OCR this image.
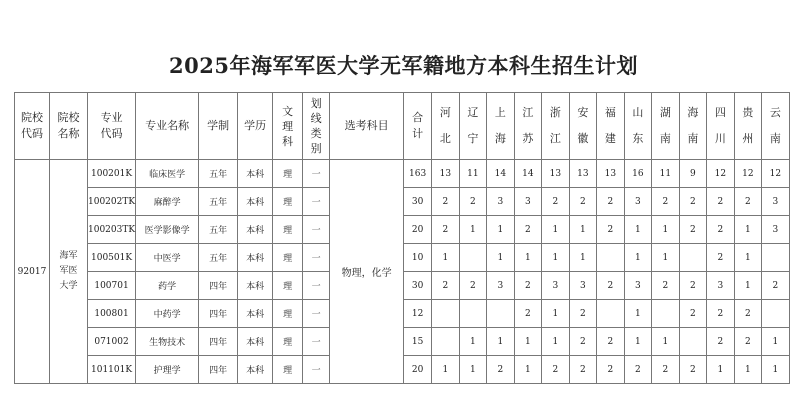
2025年海军军医大学无军籍地方本科生招生计划
院校
代码

院校
名称

专业
代码
	专业名称	学制	学历	
文
理
科

划
线
类
别
	选考科目	
合
计

河
北

辽
宁

上
海

江
苏

浙
江

安
徽

福
建

山
东

湖
南

海
南

四
川

贵
州

云
南

92017	
海军
军医
大学
	100201K	临床医学	五年	本科	理	一	物理，化学	163	13	11	14	14	13	13	13	16	11	9	12	12	12
100202TK	麻醉学	五年	本科	理	一	30	2	2	3	3	2	2	2	3	2	2	2	2	3
100203TK	医学影像学	五年	本科	理	一	20	2	1	1	2	1	1	2	1	1	2	2	1	3
100501K	中医学	五年	本科	理	一	10	1		1	1	1	1		1	1		2	1	
100701	药学	四年	本科	理	一	30	2	2	3	2	3	3	2	3	2	2	3	1	2
100801	中药学	四年	本科	理	一	12				2	1	2		1		2	2	2	
071002	生物技术	四年	本科	理	一	15		1	1	1	1	2	2	1	1		2	2	1
101101K	护理学	四年	本科	理	一	20	1	1	2	1	2	2	2	2	2	2	1	1	1
